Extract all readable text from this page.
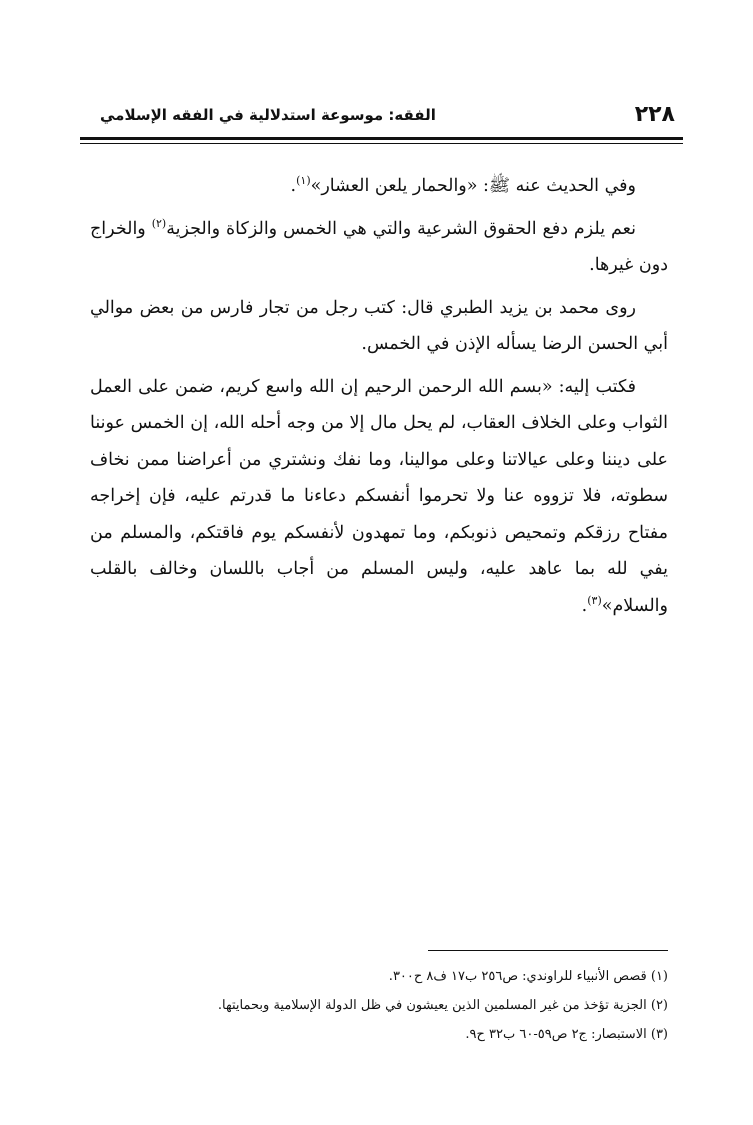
٢٢٨
الفقه: موسوعة استدلالية في الفقه الإسلامي

وفي الحديث عنه ﷺ: «والحمار يلعن العشار»$^{(١)}$.

نعم يلزم دفع الحقوق الشرعية والتي هي الخمس والزكاة والجزية$^{(٢)}$ والخراج دون غيرها.

روى محمد بن يزيد الطبري قال: كتب رجل من تجار فارس من بعض موالي أبي الحسن الرضا يسأله الإذن في الخمس.

فكتب إليه: «بسم الله الرحمن الرحيم إن الله واسع كريم، ضمن على العمل الثواب وعلى الخلاف العقاب، لم يحل مال إلا من وجه أحله الله، إن الخمس عوننا على ديننا وعلى عيالاتنا وعلى موالينا، وما نفك ونشتري من أعراضنا ممن نخاف سطوته، فلا تزووه عنا ولا تحرموا أنفسكم دعاءنا ما قدرتم عليه، فإن إخراجه مفتاح رزقكم وتمحيص ذنوبكم، وما تمهدون لأنفسكم يوم فاقتكم، والمسلم من يفي لله بما عاهد عليه، وليس المسلم من أجاب باللسان وخالف بالقلب والسلام»$^{(٣)}$.

(١) قصص الأنبياء للراوندي: ص٢٥٦ ب١٧ ف٨ ح٣٠٠.
(٢) الجزية تؤخذ من غير المسلمين الذين يعيشون في ظل الدولة الإسلامية وبحمايتها.
(٣) الاستبصار: ج٢ ص٥٩-٦٠ ب٣٢ ح٩.
